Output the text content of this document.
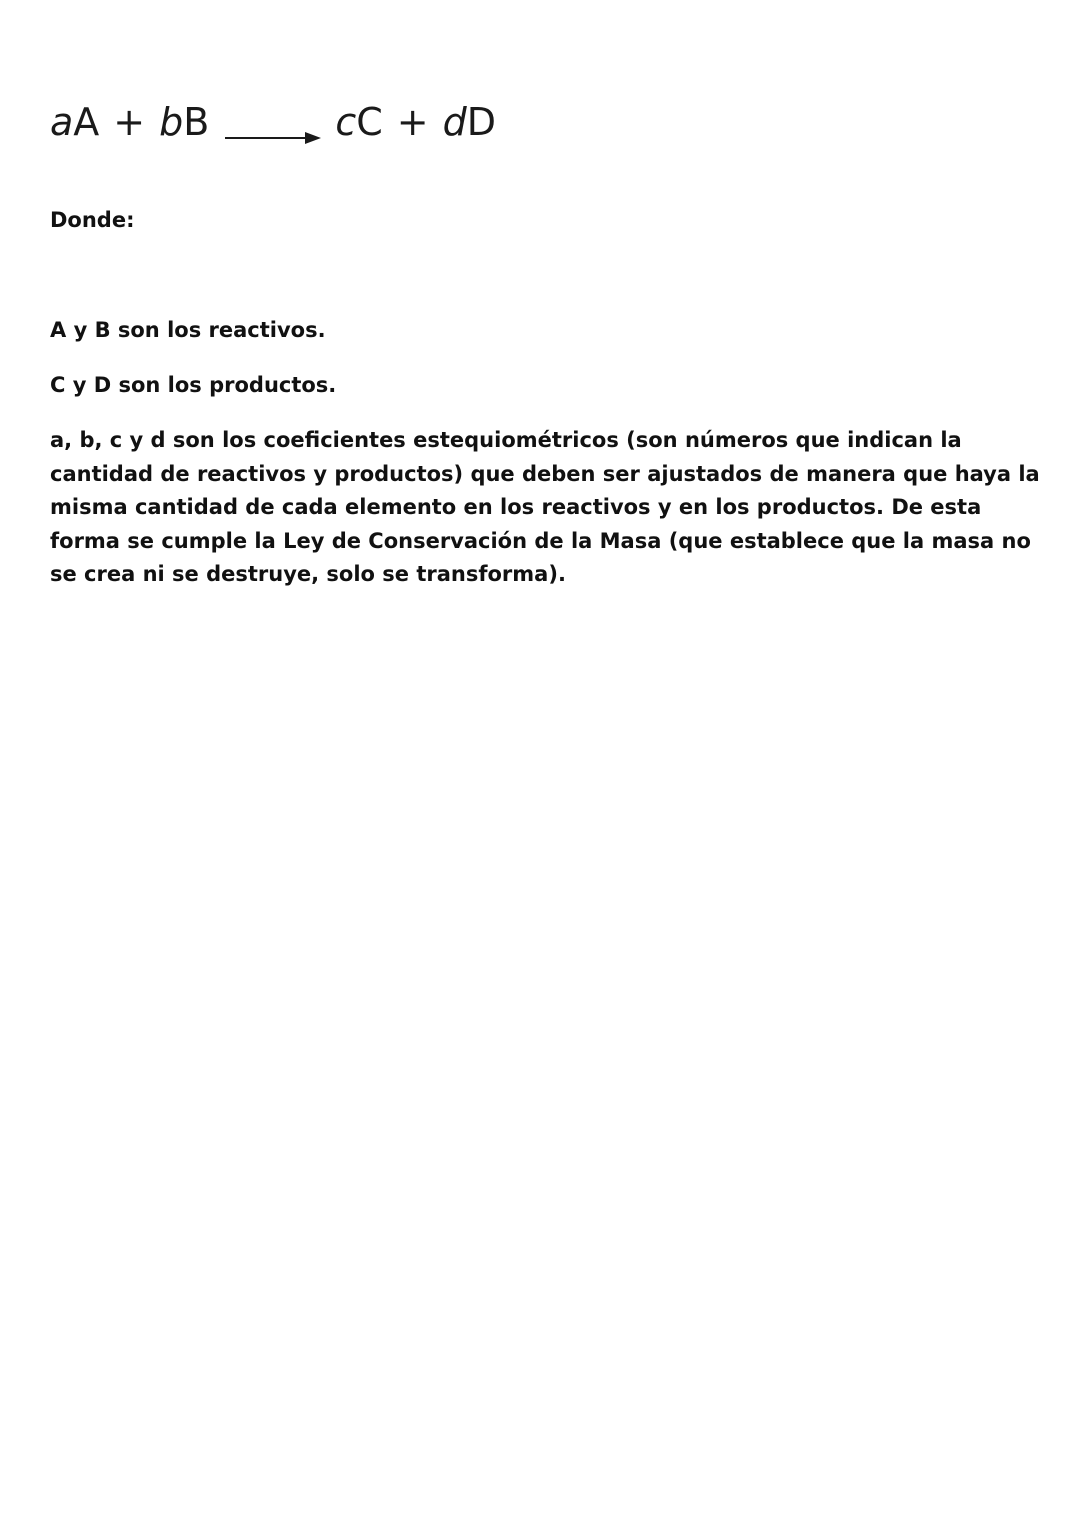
a A + b B	c C + d D

Donde:

A y B son los reactivos.

C y D son los productos.

a, b, c y d son los coeficientes estequiométricos (son números que indican la cantidad de reactivos y productos) que deben ser ajustados de manera que haya la misma cantidad de cada elemento en los reactivos y en los productos. De esta forma se cumple la Ley de Conservación de la Masa (que establece que la masa no se crea ni se destruye, solo se transforma).
